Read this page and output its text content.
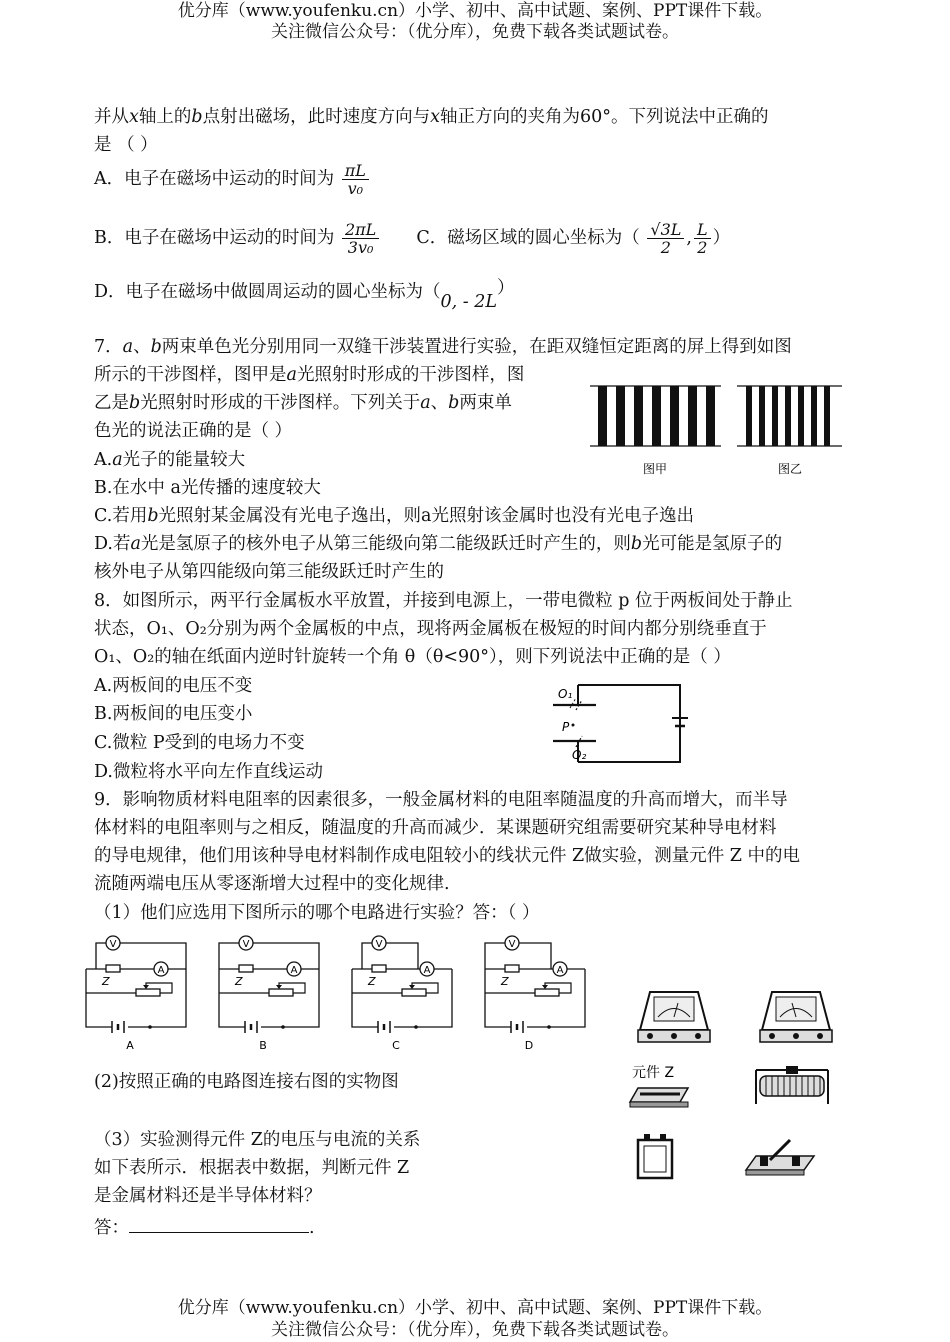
优分库（www.youfenku.cn）小学、初中、高中试题、案例、PPT课件下载。
关注微信公众号：（优分库），免费下载各类试题试卷。
并从x轴上的b点射出磁场，此时速度方向与x轴正方向的夹角为60°。下列说法中正确的
是 （ ）
A．电子在磁场中运动的时间为 $\frac{\pi L}{\text{v₀}}$
B．电子在磁场中运动的时间为 $\frac{2\pi L}{\text{3v₀}}$ C．磁场区域的圆心坐标为（ $\frac{√3L}{2}$ , $\frac{L}{2}$ ）
D．电子在磁场中做圆周运动的圆心坐标为（0, - 2L）
7．a、b两束单色光分别用同一双缝干涉装置进行实验，在距双缝恒定距离的屏上得到如图
所示的干涉图样，图甲是a光照射时形成的干涉图样，图
乙是b光照射时形成的干涉图样。下列关于a、b两束单
色光的说法正确的是（ ）
A.a光子的能量较大
B.在水中 a光传播的速度较大
C.若用b光照射某金属没有光电子逸出，则a光照射该金属时也没有光电子逸出
D.若a光是氢原子的核外电子从第三能级向第二能级跃迁时产生的，则b光可能是氢原子的
核外电子从第四能级向第三能级跃迁时产生的
图甲	图乙
8．如图所示，两平行金属板水平放置，并接到电源上，一带电微粒 p 位于两板间处于静止
状态，O₁、O₂分别为两个金属板的中点，现将两金属板在极短的时间内都分别绕垂直于
O₁、O₂的轴在纸面内逆时针旋转一个角 θ（θ<90°），则下列说法中正确的是（ ）
A.两板间的电压不变
B.两板间的电压变小
C.微粒 P受到的电场力不变
D.微粒将水平向左作直线运动
O₁
P
O₂
9．影响物质材料电阻率的因素很多，一般金属材料的电阻率随温度的升高而增大，而半导
体材料的电阻率则与之相反，随温度的升高而减少．某课题研究组需要研究某种导电材料
的导电规律，他们用该种导电材料制作成电阻较小的线状元件 Z做实验，测量元件 Z 中的电
流随两端电压从零逐渐增大过程中的变化规律.
（1）他们应选用下图所示的哪个电路进行实验？答：（ ）
V
A
Z
A
V
A
Z
B
V
A
Z
C
V
A
Z
D
(2)按照正确的电路图连接右图的实物图
（3）实验测得元件 Z的电压与电流的关系
如下表所示．根据表中数据，判断元件 Z
是金属材料还是半导体材料？
答：	.
元件 Z
优分库（www.youfenku.cn）小学、初中、高中试题、案例、PPT课件下载。
关注微信公众号：（优分库），免费下载各类试题试卷。
